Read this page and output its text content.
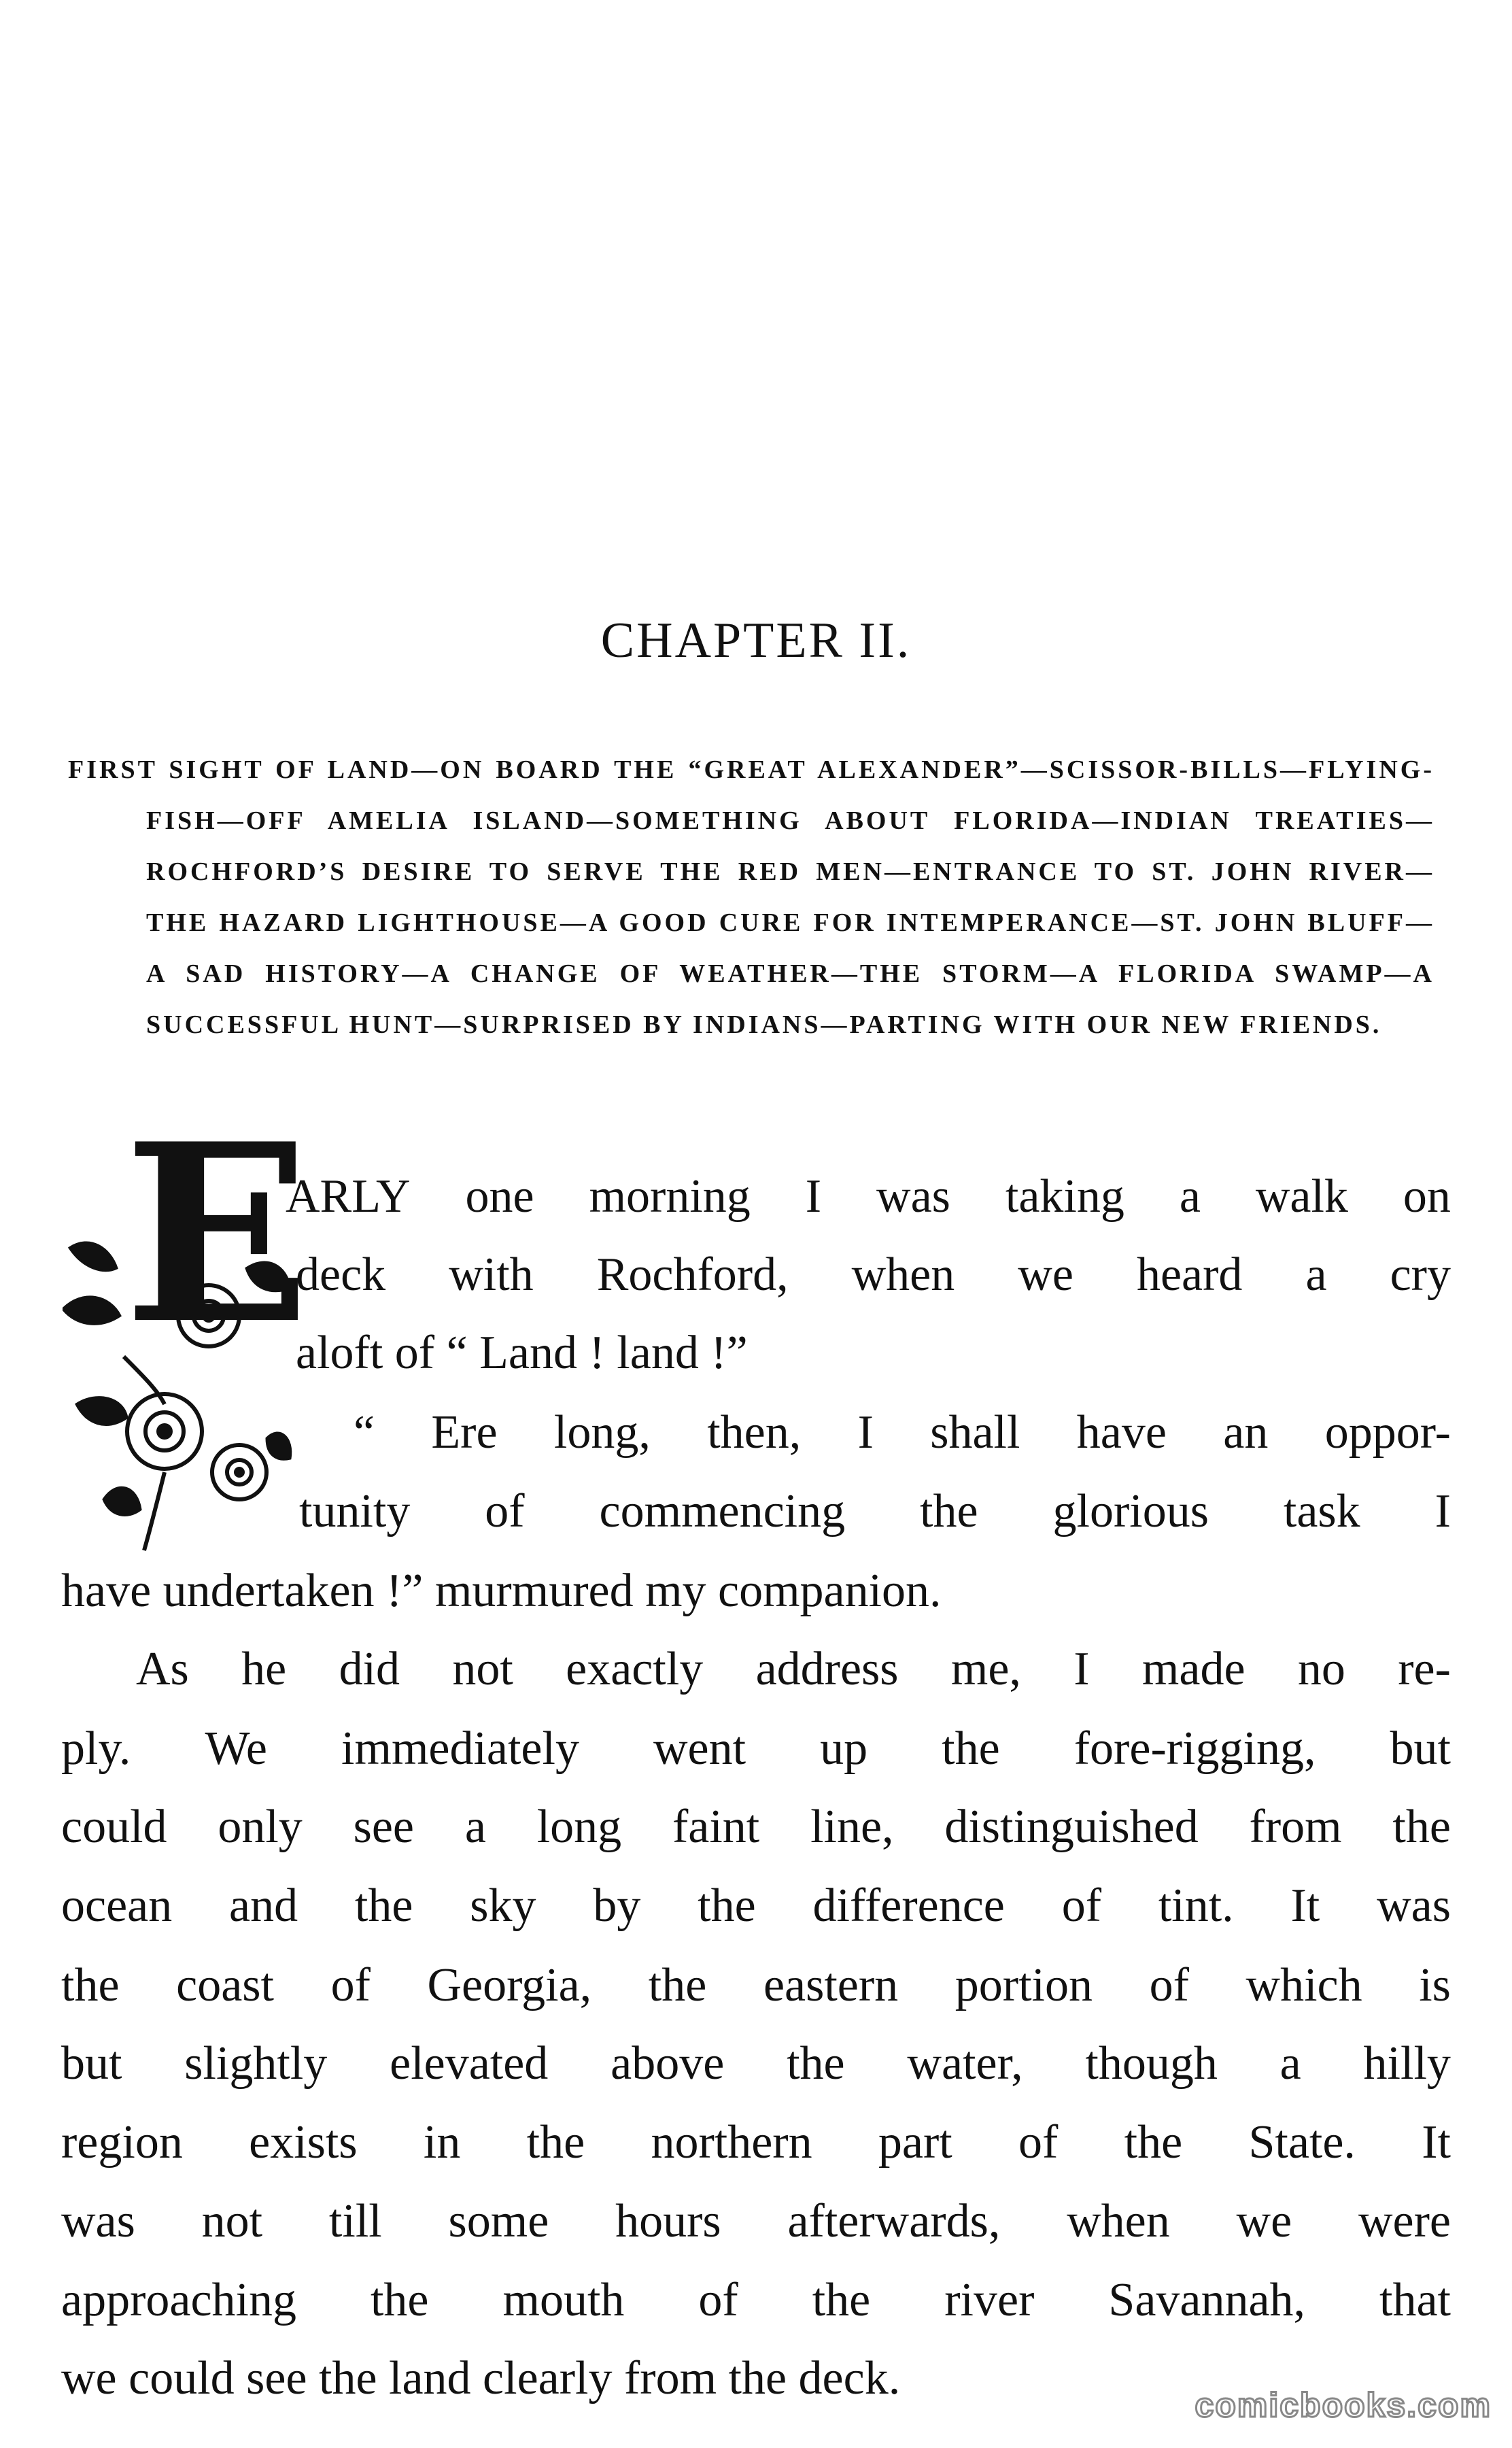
CHAPTER II.
FIRST SIGHT OF LAND—ON BOARD THE “GREAT ALEXANDER”—SCISSOR-BILLS—FLYING-FISH—OFF AMELIA ISLAND—SOMETHING ABOUT FLORIDA—INDIAN TREATIES—ROCHFORD’S DESIRE TO SERVE THE RED MEN—ENTRANCE TO ST. JOHN RIVER—THE HAZARD LIGHTHOUSE—A GOOD CURE FOR INTEMPERANCE—ST. JOHN BLUFF—A SAD HISTORY—A CHANGE OF WEATHER—THE STORM—A FLORIDA SWAMP—A SUCCESSFUL HUNT—SURPRISED BY INDIANS—PARTING WITH OUR NEW FRIENDS.
E
ARLY one morning I was taking a walk on
deck with Rochford, when we heard a cry
aloft of “ Land ! land !”
“ Ere long, then, I shall have an oppor-
tunity of commencing the glorious task I
have undertaken !” murmured my companion.
As he did not exactly address me, I made no re-
ply. We immediately went up the fore-rigging, but
could only see a long faint line, distinguished from the
ocean and the sky by the difference of tint. It was
the coast of Georgia, the eastern portion of which is
but slightly elevated above the water, though a hilly
region exists in the northern part of the State. It
was not till some hours afterwards, when we were
approaching the mouth of the river Savannah, that
we could see the land clearly from the deck.
comicbooks.com
